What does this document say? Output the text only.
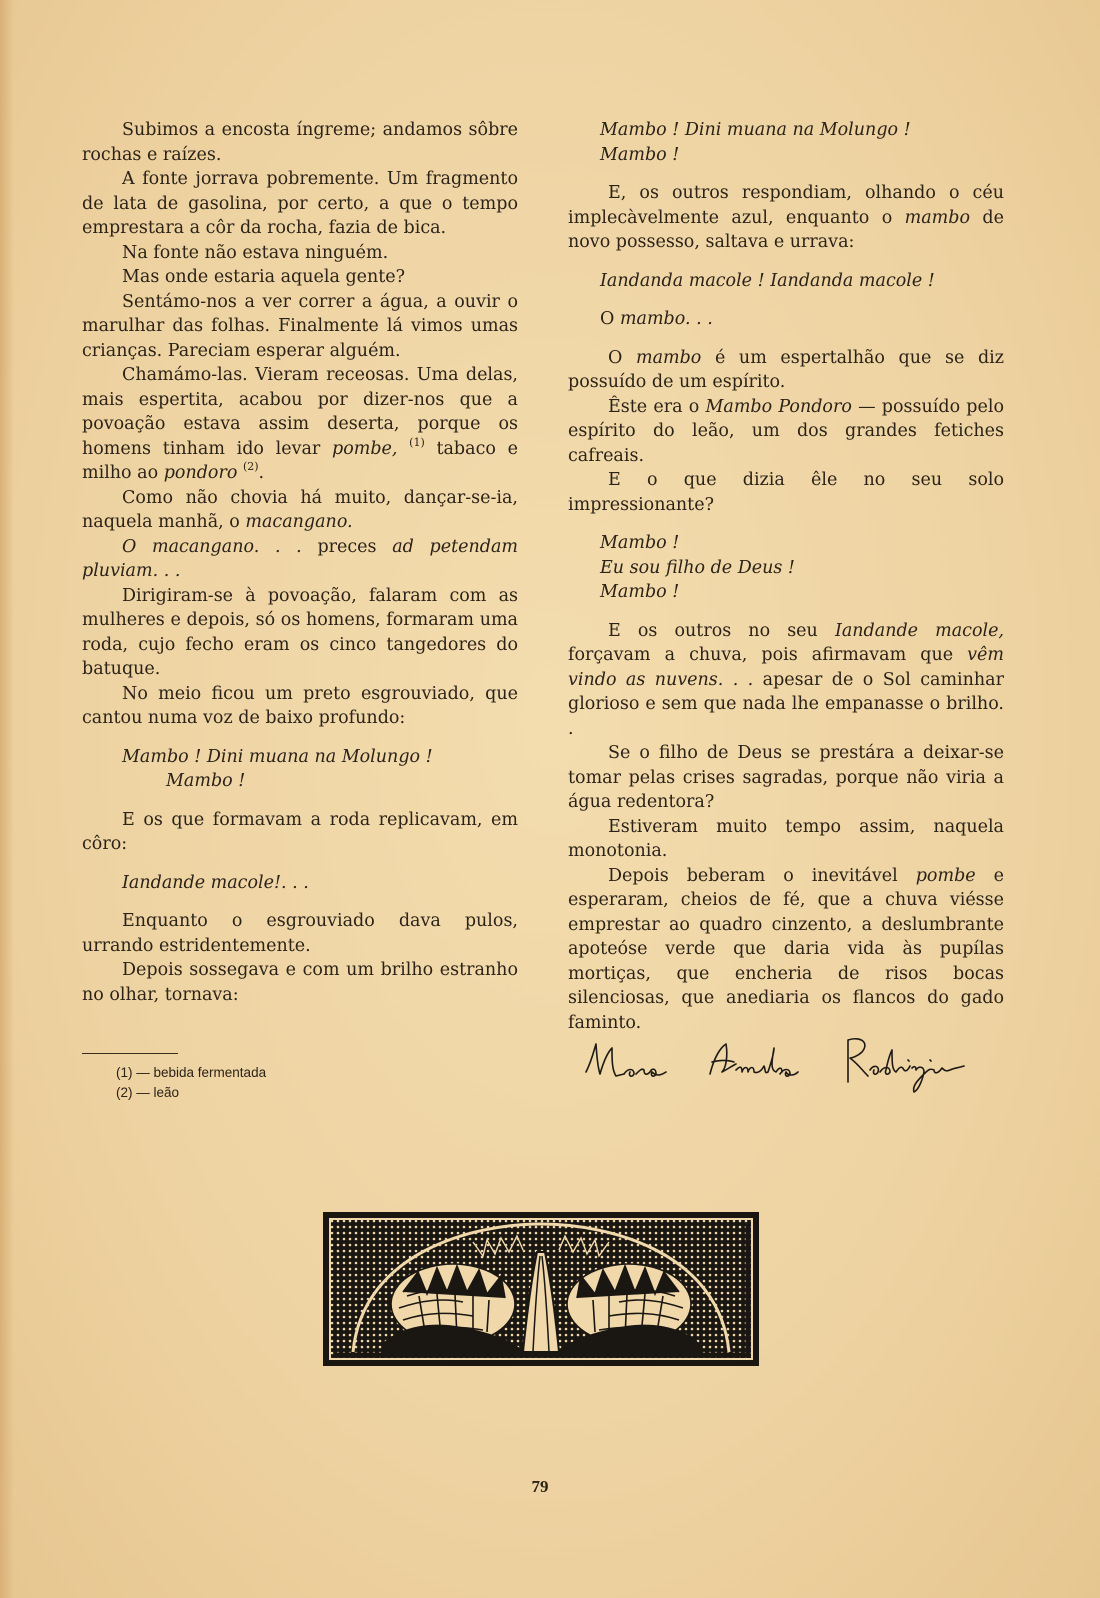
Subimos a encosta íngreme; andamos sôbre rochas e raízes.

A fonte jorrava pobremente. Um fragmento de lata de gasolina, por certo, a que o tempo emprestara a côr da rocha, fazia de bica.

Na fonte não estava ninguém.

Mas onde estaria aquela gente?

Sentámo-nos a ver correr a água, a ouvir o marulhar das folhas. Finalmente lá vimos umas crianças. Pareciam esperar alguém.

Chamámo-las. Vieram receosas. Uma delas, mais espertita, acabou por dizer-nos que a povoação estava assim deserta, porque os homens tinham ido levar pombe, $^{(1)}$ tabaco e milho ao pondoro $^{(2)}$.

Como não chovia há muito, dançar-se-ia, naquela manhã, o macangano.

O macangano. . . preces ad petendam pluviam. . .

Dirigiram-se à povoação, falaram com as mulheres e depois, só os homens, formaram uma roda, cujo fecho eram os cinco tangedores do batuque.

No meio ficou um preto esgrouviado, que cantou numa voz de baixo profundo:

Mambo ! Dini muana na Molungo !

Mambo !

E os que formavam a roda replicavam, em côro:

Iandande macole!. . .

Enquanto o esgrouviado dava pulos, urrando estridentemente.

Depois sossegava e com um brilho estranho no olhar, tornava:

(1) — bebida fermentada
(2) — leão

Mambo ! Dini muana na Molungo !

Mambo !

E, os outros respondiam, olhando o céu implecàvelmente azul, enquanto o mambo de novo possesso, saltava e urrava:

Iandanda macole ! Iandanda macole !

O mambo. . .

O mambo é um espertalhão que se diz possuído de um espírito.

Êste era o Mambo Pondoro — possuído pelo espírito do leão, um dos grandes fetiches cafreais.

E o que dizia êle no seu solo impressionante?

Mambo !

Eu sou filho de Deus !

Mambo !

E os outros no seu Iandande macole, forçavam a chuva, pois afirmavam que vêm vindo as nuvens. . . apesar de o Sol caminhar glorioso e sem que nada lhe empanasse o brilho. .

Se o filho de Deus se prestára a deixar-se tomar pelas crises sagradas, porque não viria a água redentora?

Estiveram muito tempo assim, naquela monotonia.

Depois beberam o inevitável pombe e esperaram, cheios de fé, que a chuva viésse emprestar ao quadro cinzento, a deslumbrante apoteóse verde que daria vida às pupílas mortiças, que encheria de risos bocas silenciosas, que anediaria os flancos do gado faminto.

79
